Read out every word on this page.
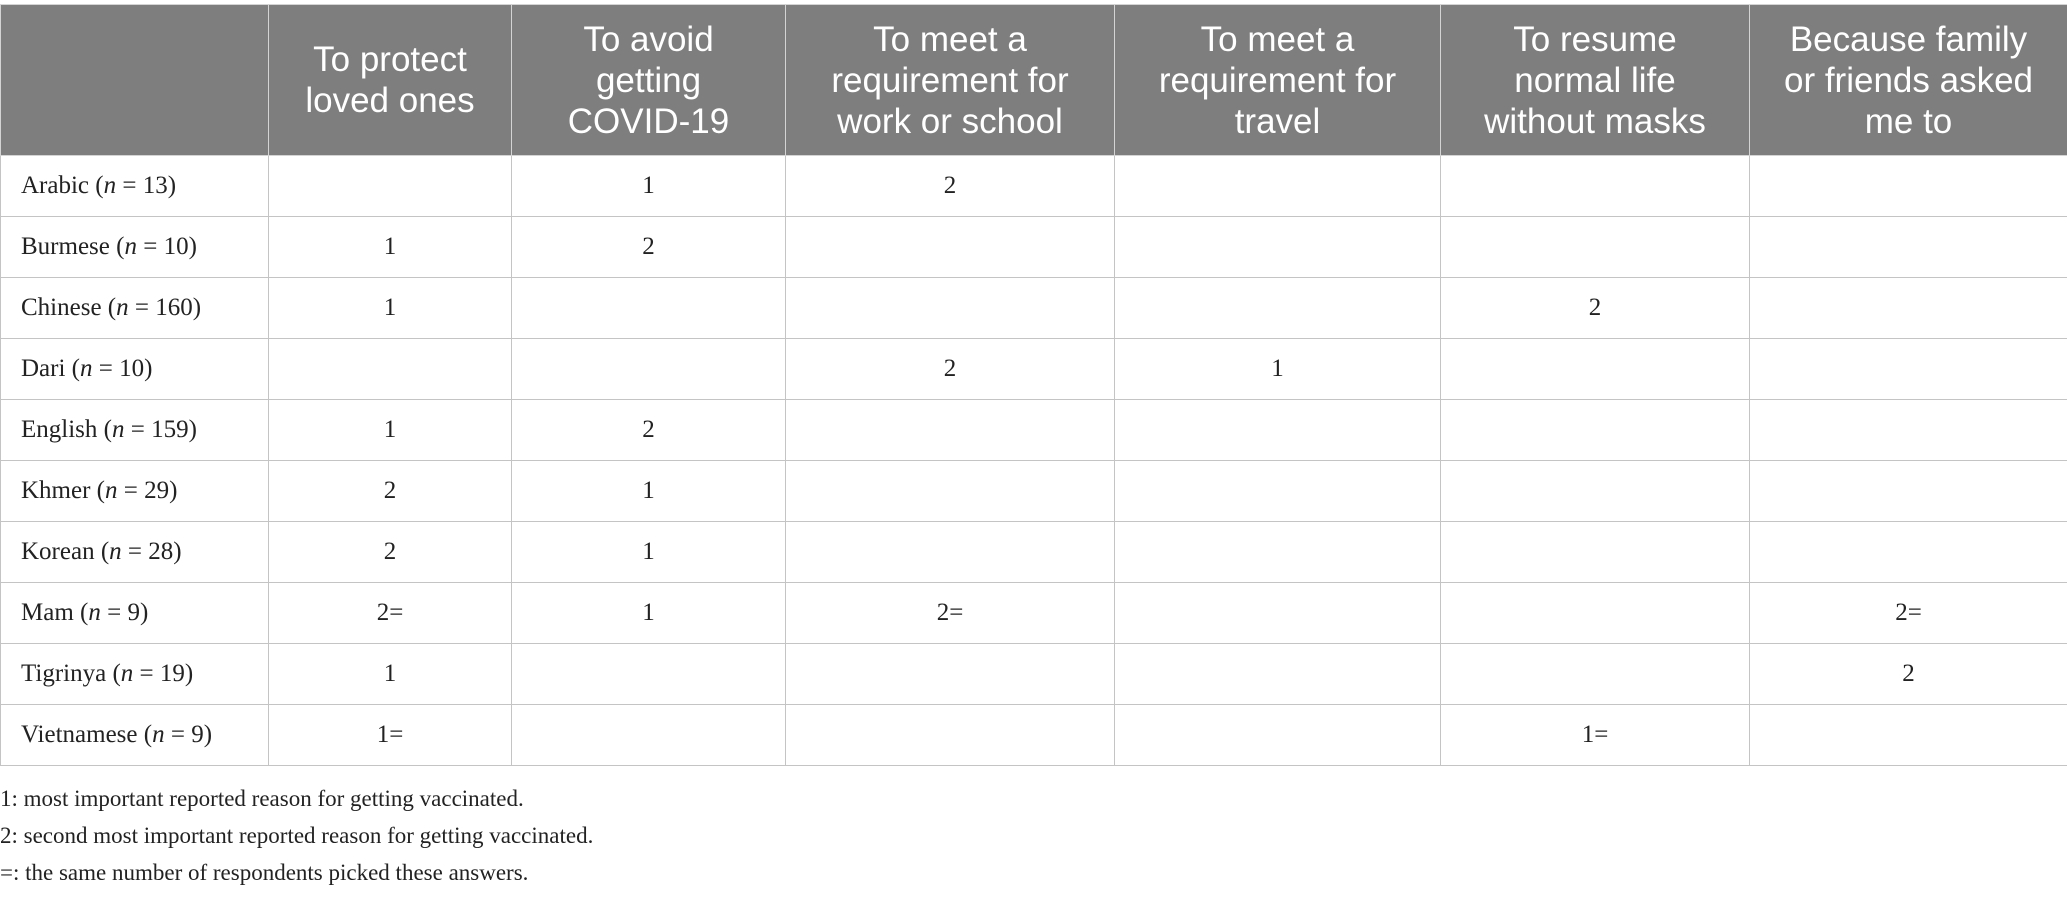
	To protect
loved ones	To avoid
getting
COVID-19	To meet a
requirement for
work or school	To meet a
requirement for
travel	To resume
normal life
without masks	Because family
or friends asked
me to
Arabic (n = 13)		1	2			
Burmese (n = 10)	1	2				
Chinese (n = 160)	1				2	
Dari (n = 10)			2	1		
English (n = 159)	1	2				
Khmer (n = 29)	2	1				
Korean (n = 28)	2	1				
Mam (n = 9)	2=	1	2=			2=
Tigrinya (n = 19)	1					2
Vietnamese (n = 9)	1=				1=	

1: most important reported reason for getting vaccinated.

2: second most important reported reason for getting vaccinated.

=: the same number of respondents picked these answers.
